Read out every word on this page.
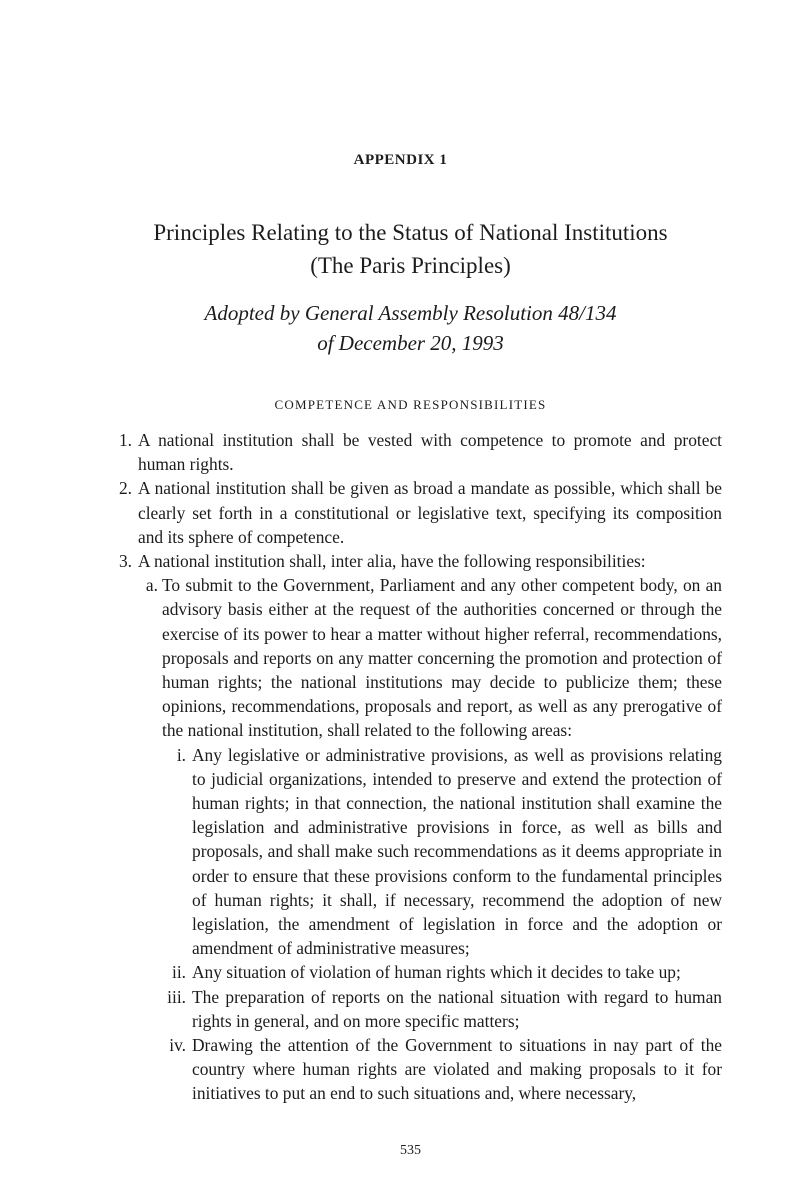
APPENDIX 1
Principles Relating to the Status of National Institutions
(The Paris Principles)
Adopted by General Assembly Resolution 48/134
of December 20, 1993
COMPETENCE AND RESPONSIBILITIES
1. A national institution shall be vested with competence to promote and protect human rights.
2. A national institution shall be given as broad a mandate as possible, which shall be clearly set forth in a constitutional or legislative text, specifying its composition and its sphere of competence.
3. A national institution shall, inter alia, have the following responsibilities:
a. To submit to the Government, Parliament and any other competent body, on an advisory basis either at the request of the authorities concerned or through the exercise of its power to hear a matter without higher referral, recommendations, proposals and reports on any matter concerning the promotion and protection of human rights; the national institutions may decide to publicize them; these opinions, recommendations, proposals and report, as well as any prerogative of the national institution, shall related to the following areas:
i. Any legislative or administrative provisions, as well as provisions relating to judicial organizations, intended to preserve and extend the protection of human rights; in that connection, the national institution shall examine the legislation and administrative provisions in force, as well as bills and proposals, and shall make such recommendations as it deems appropriate in order to ensure that these provisions conform to the fundamental principles of human rights; it shall, if necessary, recommend the adoption of new legislation, the amendment of legislation in force and the adoption or amendment of administrative measures;
ii. Any situation of violation of human rights which it decides to take up;
iii. The preparation of reports on the national situation with regard to human rights in general, and on more specific matters;
iv. Drawing the attention of the Government to situations in nay part of the country where human rights are violated and making proposals to it for initiatives to put an end to such situations and, where necessary,
535
